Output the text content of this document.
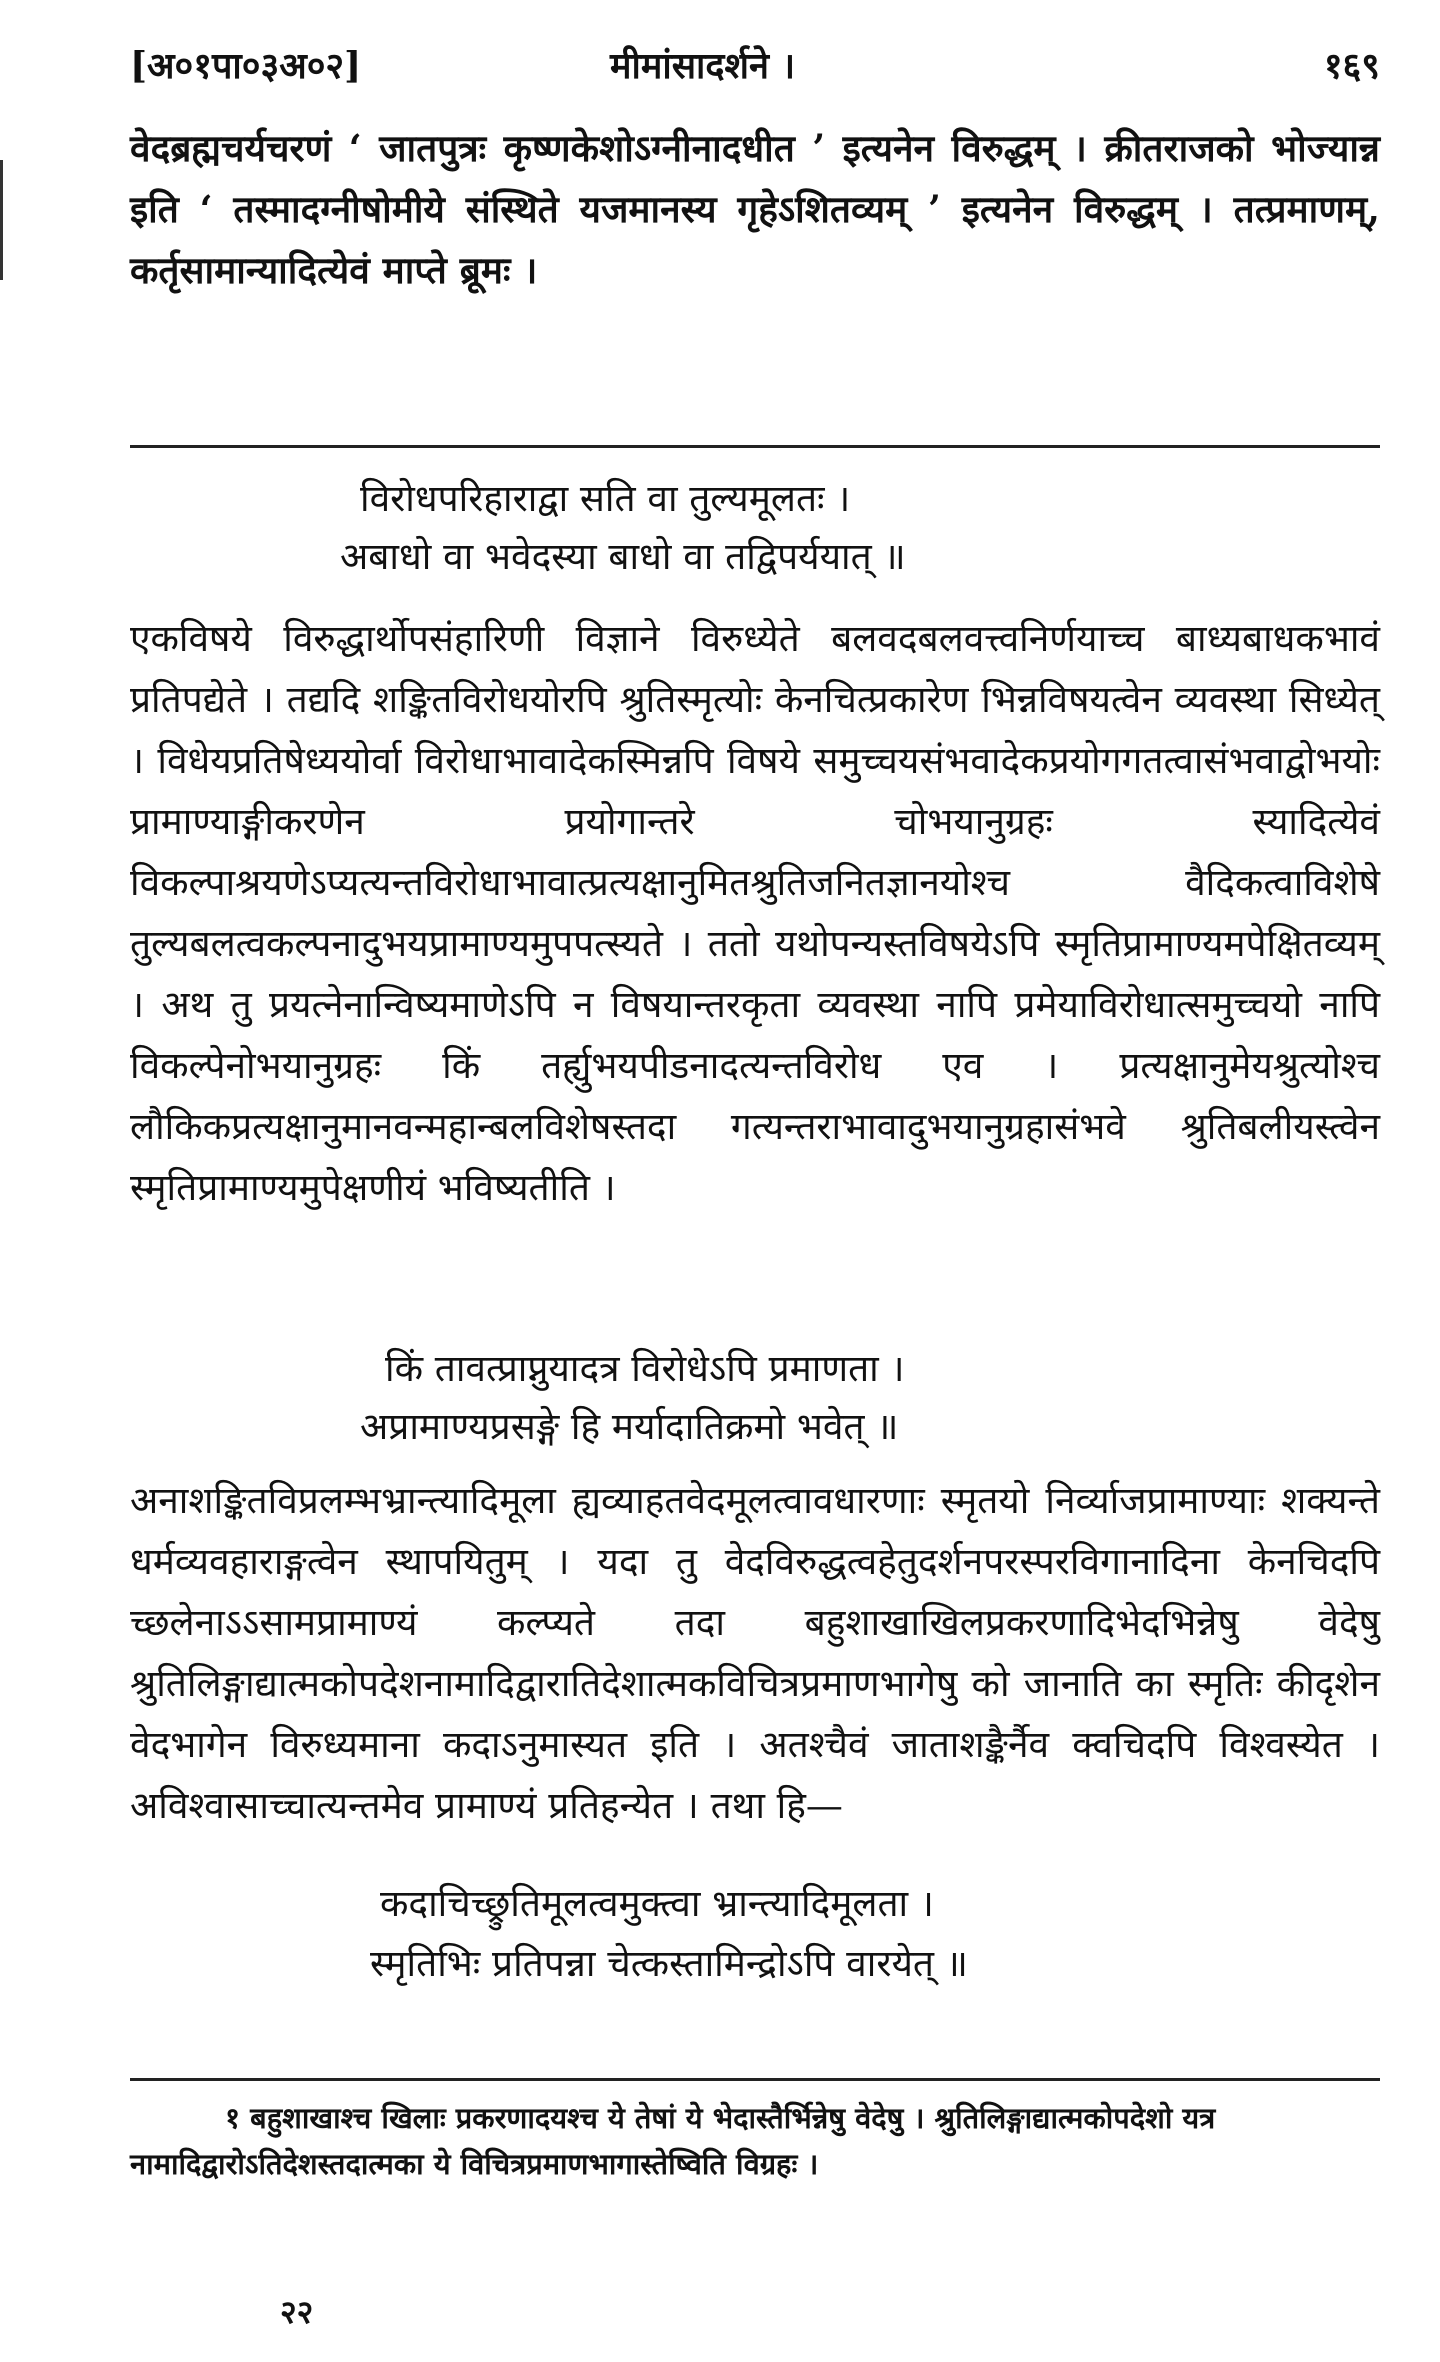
[अ०१पा०३अ०२]	मीमांसादर्शने ।	१६९

वेदब्रह्मचर्यचरणं ‘ जातपुत्रः कृष्णकेशोऽग्नीनादधीत ’ इत्यनेन विरुद्धम् । क्रीतराजको भोज्यान्न इति ‘ तस्मादग्नीषोमीये संस्थिते यजमानस्य गृहेऽशितव्यम् ’ इत्यनेन विरुद्धम् । तत्प्रमाणम्, कर्तृसामान्यादित्येवं माप्ते ब्रूमः ।

विरोधपरिहाराद्वा सति वा तुल्यमूलतः ।
अबाधो वा भवेदस्या बाधो वा तद्विपर्ययात् ॥

एकविषये विरुद्धार्थोपसंहारिणी विज्ञाने विरुध्येते बलवदबलवत्त्वनिर्णयाच्च बाध्यबाधकभावं प्रतिपद्येते । तद्यदि शङ्कितविरोधयोरपि श्रुतिस्मृत्योः केनचित्प्रकारेण भिन्नविषयत्वेन व्यवस्था सिध्येत् । विधेयप्रतिषेध्ययोर्वा विरोधाभावादेकस्मिन्नपि विषये समुच्चयसंभवादेकप्रयोगगतत्वासंभवाद्वोभयोः प्रामाण्याङ्गीकरणेन प्रयोगान्तरे चोभयानुग्रहः स्यादित्येवं विकल्पाश्रयणेऽप्यत्यन्तविरोधाभावात्प्रत्यक्षानुमितश्रुतिजनितज्ञानयोश्च वैदिकत्वाविशेषे तुल्यबलत्वकल्पनादुभयप्रामाण्यमुपपत्स्यते । ततो यथोपन्यस्तविषयेऽपि स्मृतिप्रामाण्यमपेक्षितव्यम् । अथ तु प्रयत्नेनान्विष्यमाणेऽपि न विषयान्तरकृता व्यवस्था नापि प्रमेयाविरोधात्समुच्चयो नापि विकल्पेनोभयानुग्रहः किं तर्ह्युभयपीडनादत्यन्तविरोध एव । प्रत्यक्षानुमेयश्रुत्योश्च लौकिकप्रत्यक्षानुमानवन्महान्बलविशेषस्तदा गत्यन्तराभावादुभयानुग्रहासंभवे श्रुतिबलीयस्त्वेन स्मृतिप्रामाण्यमुपेक्षणीयं भविष्यतीति ।

किं तावत्प्राप्नुयादत्र विरोधेऽपि प्रमाणता ।
अप्रामाण्यप्रसङ्गे हि मर्यादातिक्रमो भवेत् ॥

अनाशङ्कितविप्रलम्भभ्रान्त्यादिमूला ह्यव्याहतवेदमूलत्वावधारणाः स्मृतयो निर्व्याजप्रामाण्याः शक्यन्ते धर्मव्यवहाराङ्गत्वेन स्थापयितुम् । यदा तु वेदविरुद्धत्वहेतुदर्शनपरस्परविगानादिना केनचिदपि च्छलेनाऽऽसामप्रामाण्यं कल्प्यते तदा बहुशाखाखिलप्रकरणादिभेदभिन्नेषु वेदेषु श्रुतिलिङ्गाद्यात्मकोपदेशनामादिद्वारातिदेशात्मकविचित्रप्रमाणभागेषु को जानाति का स्मृतिः कीदृशेन वेदभागेन विरुध्यमाना कदाऽनुमास्यत इति । अतश्चैवं जाताशङ्कैर्नैव क्वचिदपि विश्वस्येत । अविश्वासाच्चात्यन्तमेव प्रामाण्यं प्रतिहन्येत । तथा हि—

कदाचिच्छ्रुतिमूलत्वमुक्त्वा भ्रान्त्यादिमूलता ।
स्मृतिभिः प्रतिपन्ना चेत्कस्तामिन्द्रोऽपि वारयेत् ॥

१ बहुशाखाश्च खिलाः प्रकरणादयश्च ये तेषां ये भेदास्तैर्भिन्नेषु वेदेषु । श्रुतिलिङ्गाद्यात्मकोपदेशो यत्र नामादिद्वारोऽतिदेशस्तदात्मका ये विचित्रप्रमाणभागास्तेष्विति विग्रहः ।

२२
